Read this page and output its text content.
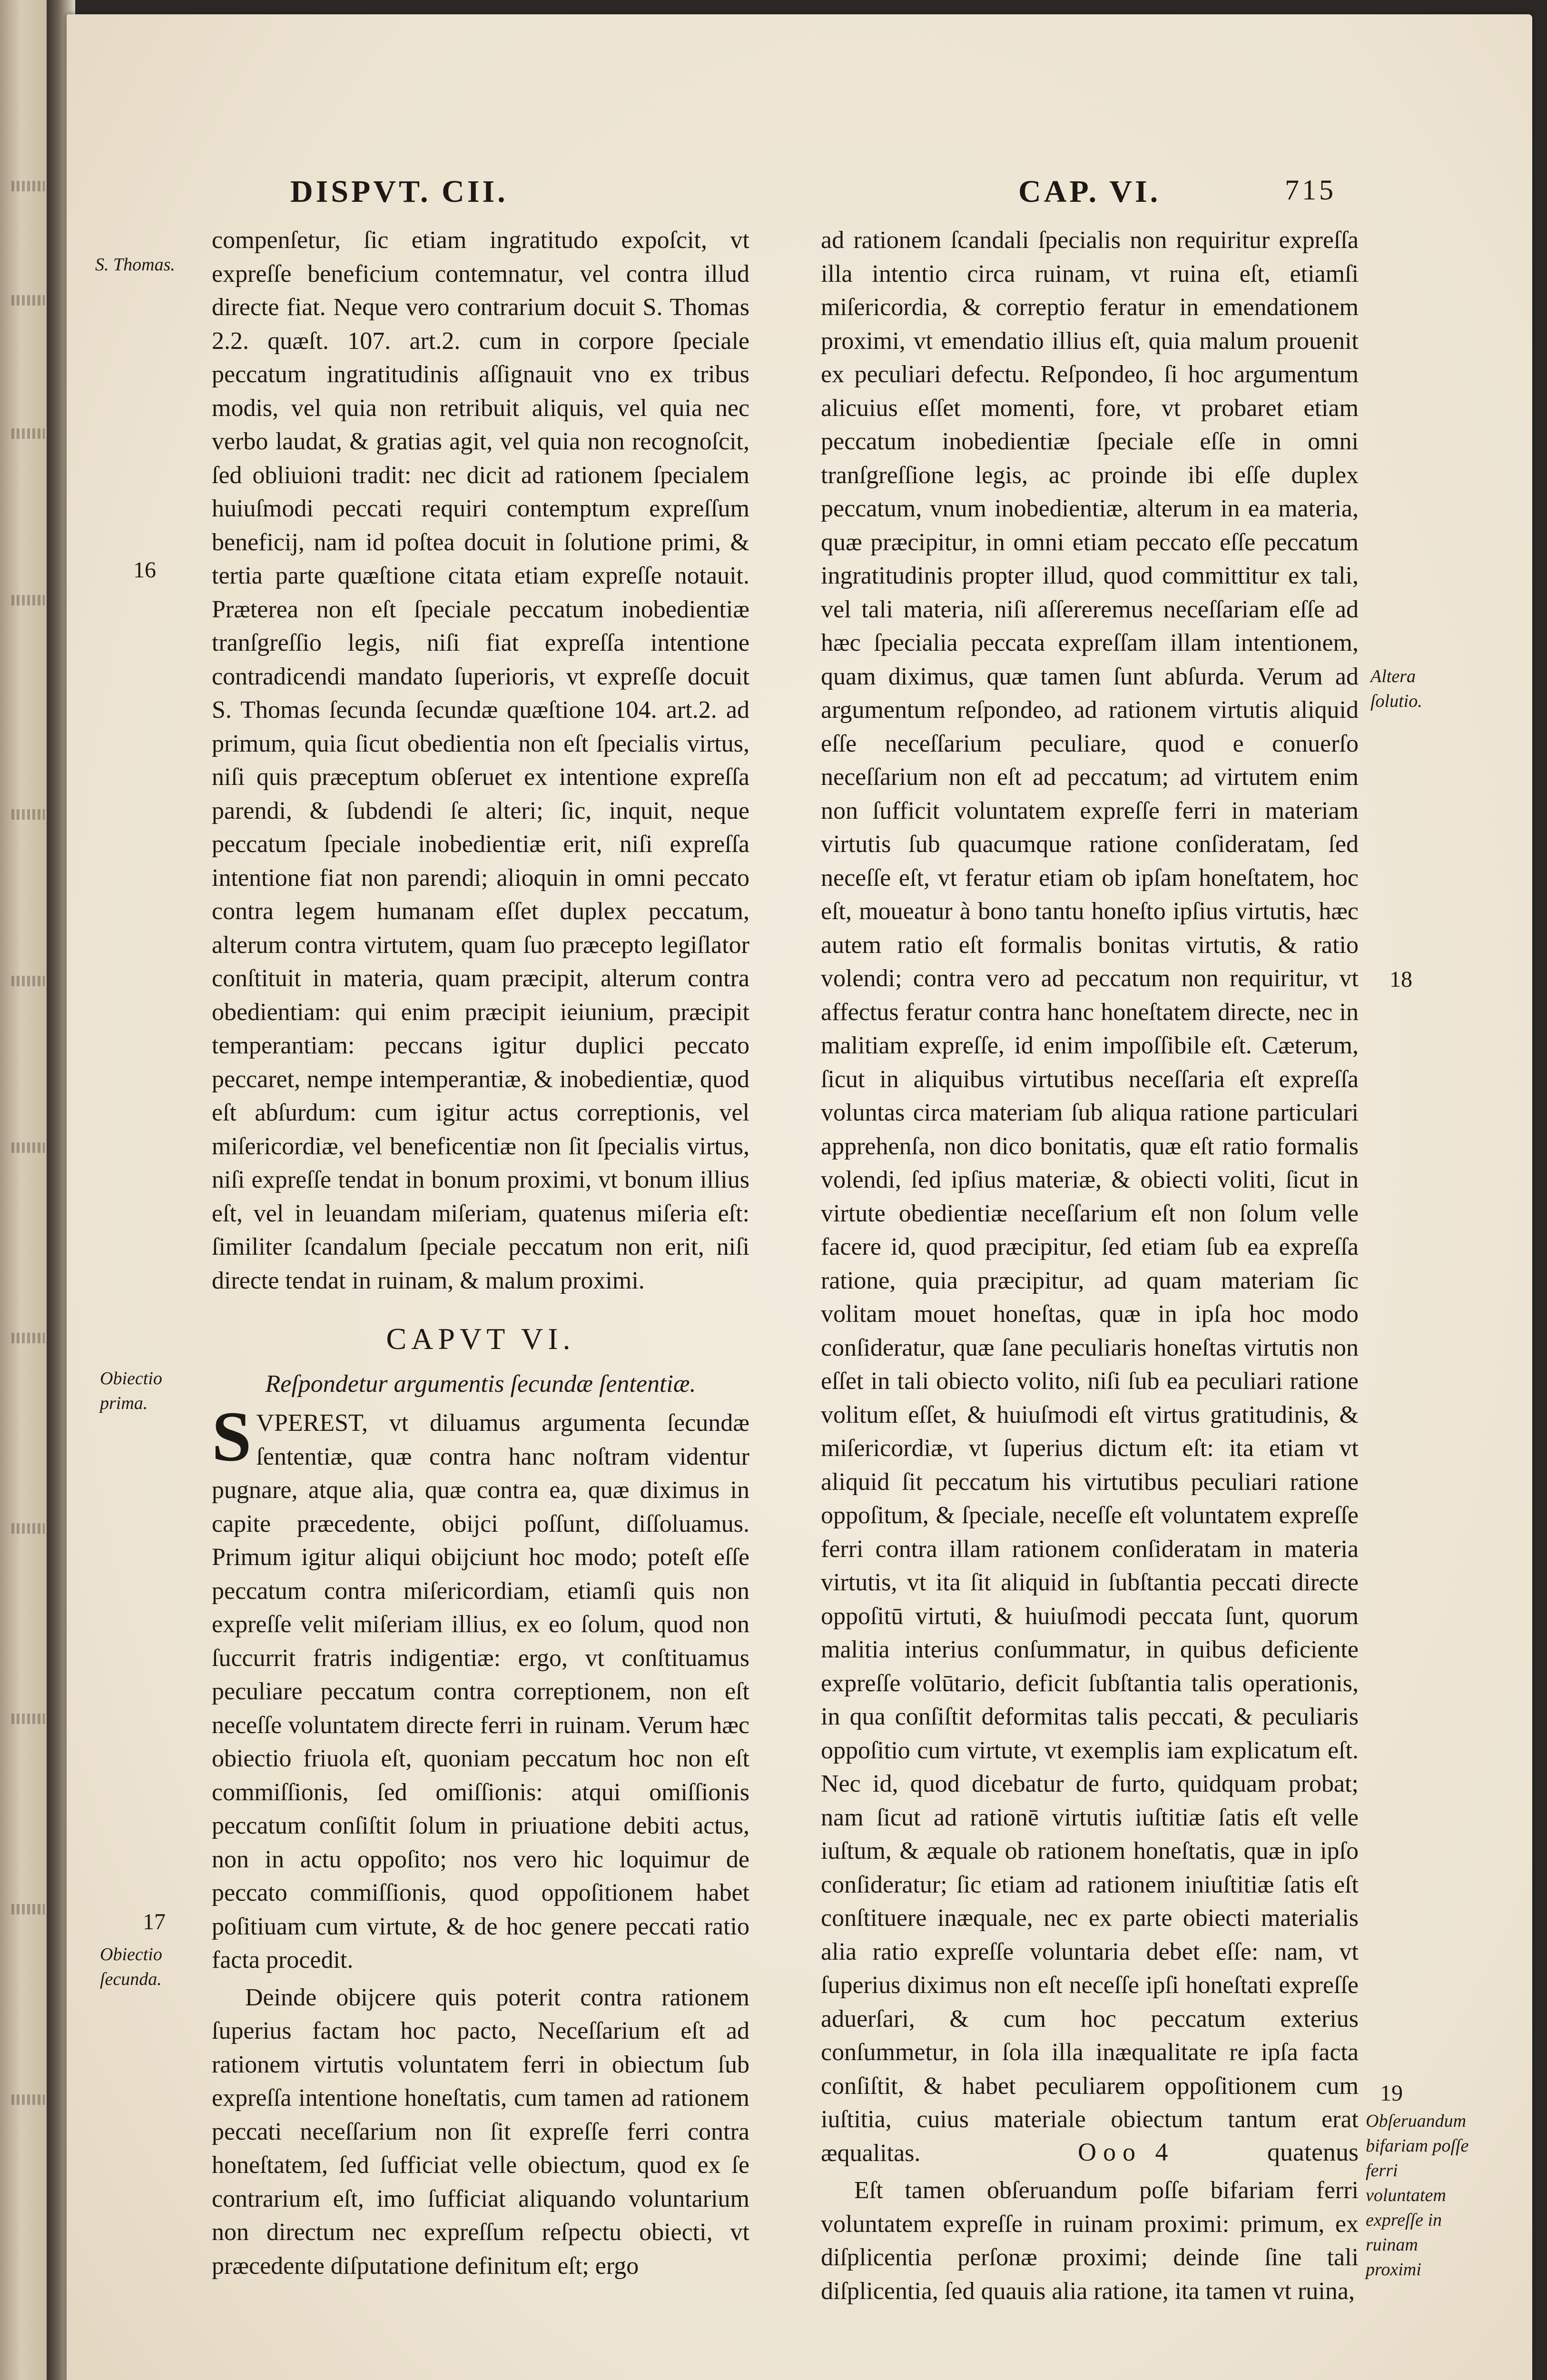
DISPVT. CII.	CAP. VI.	715
S. Thomas.
16
Obiectio prima.
17
Obiectio ſecunda.

compenſetur, ſic etiam ingratitudo expoſcit, vt expreſſe beneficium contemnatur, vel contra illud directe fiat. Neque vero contrarium docuit S. Thomas 2.2. quæſt. 107. art.2. cum in corpore ſpeciale peccatum ingratitudinis aſſignauit vno ex tribus modis, vel quia non retribuit aliquis, vel quia nec verbo laudat, & gratias agit, vel quia non recognoſcit, ſed obliuioni tradit: nec dicit ad rationem ſpecialem huiuſmodi peccati requiri contemptum expreſſum beneficij, nam id poſtea docuit in ſolutione primi, & tertia parte quæſtione citata etiam expreſſe notauit. Præterea non eſt ſpeciale peccatum inobedientiæ tranſgreſſio legis, niſi fiat expreſſa intentione contradicendi mandato ſuperioris, vt expreſſe docuit S. Thomas ſecunda ſecundæ quæſtione 104. art.2. ad primum, quia ſicut obedientia non eſt ſpecialis virtus, niſi quis præceptum obſeruet ex intentione expreſſa parendi, & ſubdendi ſe alteri; ſic, inquit, neque peccatum ſpeciale inobedientiæ erit, niſi expreſſa intentione fiat non parendi; alioquin in omni peccato contra legem humanam eſſet duplex peccatum, alterum contra virtutem, quam ſuo præcepto legiſlator conſtituit in materia, quam præcipit, alterum contra obedientiam: qui enim præcipit ieiunium, præcipit temperantiam: peccans igitur duplici peccato peccaret, nempe intemperantiæ, & inobedientiæ, quod eſt abſurdum: cum igitur actus correptionis, vel miſericordiæ, vel beneficentiæ non ſit ſpecialis virtus, niſi expreſſe tendat in bonum proximi, vt bonum illius eſt, vel in leuandam miſeriam, quatenus miſeria eſt: ſimiliter ſcandalum ſpeciale peccatum non erit, niſi directe tendat in ruinam, & malum proximi.

CAPVT VI.
Reſpondetur argumentis ſecundæ ſententiæ.

SVPEREST, vt diluamus argumenta ſecundæ ſententiæ, quæ contra hanc noſtram videntur pugnare, atque alia, quæ contra ea, quæ diximus in capite præcedente, obijci poſſunt, diſſoluamus. Primum igitur aliqui obijciunt hoc modo; poteſt eſſe peccatum contra miſericordiam, etiamſi quis non expreſſe velit miſeriam illius, ex eo ſolum, quod non ſuccurrit fratris indigentiæ: ergo, vt conſtituamus peculiare peccatum contra correptionem, non eſt neceſſe voluntatem directe ferri in ruinam. Verum hæc obiectio friuola eſt, quoniam peccatum hoc non eſt commiſſionis, ſed omiſſionis: atqui omiſſionis peccatum conſiſtit ſolum in priuatione debiti actus, non in actu oppoſito; nos vero hic loquimur de peccato commiſſionis, quod oppoſitionem habet poſitiuam cum virtute, & de hoc genere peccati ratio facta procedit.

Deinde obijcere quis poterit contra rationem ſuperius factam hoc pacto, Neceſſarium eſt ad rationem virtutis voluntatem ferri in obiectum ſub expreſſa intentione honeſtatis, cum tamen ad rationem peccati neceſſarium non ſit expreſſe ferri contra honeſtatem, ſed ſufficiat velle obiectum, quod ex ſe contrarium eſt, imo ſufficiat aliquando voluntarium non directum nec expreſſum reſpectu obiecti, vt præcedente diſputatione definitum eſt; ergo

ad rationem ſcandali ſpecialis non requiritur expreſſa illa intentio circa ruinam, vt ruina eſt, etiamſi miſericordia, & correptio feratur in emendationem proximi, vt emendatio illius eſt, quia malum prouenit ex peculiari defectu. Reſpondeo, ſi hoc argumentum alicuius eſſet momenti, fore, vt probaret etiam peccatum inobedientiæ ſpeciale eſſe in omni tranſgreſſione legis, ac proinde ibi eſſe duplex peccatum, vnum inobedientiæ, alterum in ea materia, quæ præcipitur, in omni etiam peccato eſſe peccatum ingratitudinis propter illud, quod committitur ex tali, vel tali materia, niſi aſſereremus neceſſariam eſſe ad hæc ſpecialia peccata expreſſam illam intentionem, quam diximus, quæ tamen ſunt abſurda. Verum ad argumentum reſpondeo, ad rationem virtutis aliquid eſſe neceſſarium peculiare, quod e conuerſo neceſſarium non eſt ad peccatum; ad virtutem enim non ſufficit voluntatem expreſſe ferri in materiam virtutis ſub quacumque ratione conſideratam, ſed neceſſe eſt, vt feratur etiam ob ipſam honeſtatem, hoc eſt, moueatur à bono tantu honeſto ipſius virtutis, hæc autem ratio eſt formalis bonitas virtutis, & ratio volendi; contra vero ad peccatum non requiritur, vt affectus feratur contra hanc honeſtatem directe, nec in malitiam expreſſe, id enim impoſſibile eſt. Cæterum, ſicut in aliquibus virtutibus neceſſaria eſt expreſſa voluntas circa materiam ſub aliqua ratione particulari apprehenſa, non dico bonitatis, quæ eſt ratio formalis volendi, ſed ipſius materiæ, & obiecti voliti, ſicut in virtute obedientiæ neceſſarium eſt non ſolum velle facere id, quod præcipitur, ſed etiam ſub ea expreſſa ratione, quia præcipitur, ad quam materiam ſic volitam mouet honeſtas, quæ in ipſa hoc modo conſideratur, quæ ſane peculiaris honeſtas virtutis non eſſet in tali obiecto volito, niſi ſub ea peculiari ratione volitum eſſet, & huiuſmodi eſt virtus gratitudinis, & miſericordiæ, vt ſuperius dictum eſt: ita etiam vt aliquid ſit peccatum his virtutibus peculiari ratione oppoſitum, & ſpeciale, neceſſe eſt voluntatem expreſſe ferri contra illam rationem conſideratam in materia virtutis, vt ita ſit aliquid in ſubſtantia peccati directe oppoſitū virtuti, & huiuſmodi peccata ſunt, quorum malitia interius conſummatur, in quibus deficiente expreſſe volūtario, deficit ſubſtantia talis operationis, in qua conſiſtit deformitas talis peccati, & peculiaris oppoſitio cum virtute, vt exemplis iam explicatum eſt. Nec id, quod dicebatur de furto, quidquam probat; nam ſicut ad rationē virtutis iuſtitiæ ſatis eſt velle iuſtum, & æquale ob rationem honeſtatis, quæ in ipſo conſideratur; ſic etiam ad rationem iniuſtitiæ ſatis eſt conſtituere inæquale, nec ex parte obiecti materialis alia ratio expreſſe voluntaria debet eſſe: nam, vt ſuperius diximus non eſt neceſſe ipſi honeſtati expreſſe aduerſari, & cum hoc peccatum exterius conſummetur, in ſola illa inæqualitate re ipſa facta conſiſtit, & habet peculiarem oppoſitionem cum iuſtitia, cuius materiale obiectum tantum erat æqualitas.

Eſt tamen obſeruandum poſſe bifariam ferri voluntatem expreſſe in ruinam proximi: primum, ex diſplicentia perſonæ proximi; deinde ſine tali diſplicentia, ſed quauis alia ratione, ita tamen vt ruina,

Altera ſolutio.
18
19
Obſeruandum bifariam poſſe ferri voluntatem expreſſe in ruinam proximi
Ooo 4	quatenus
